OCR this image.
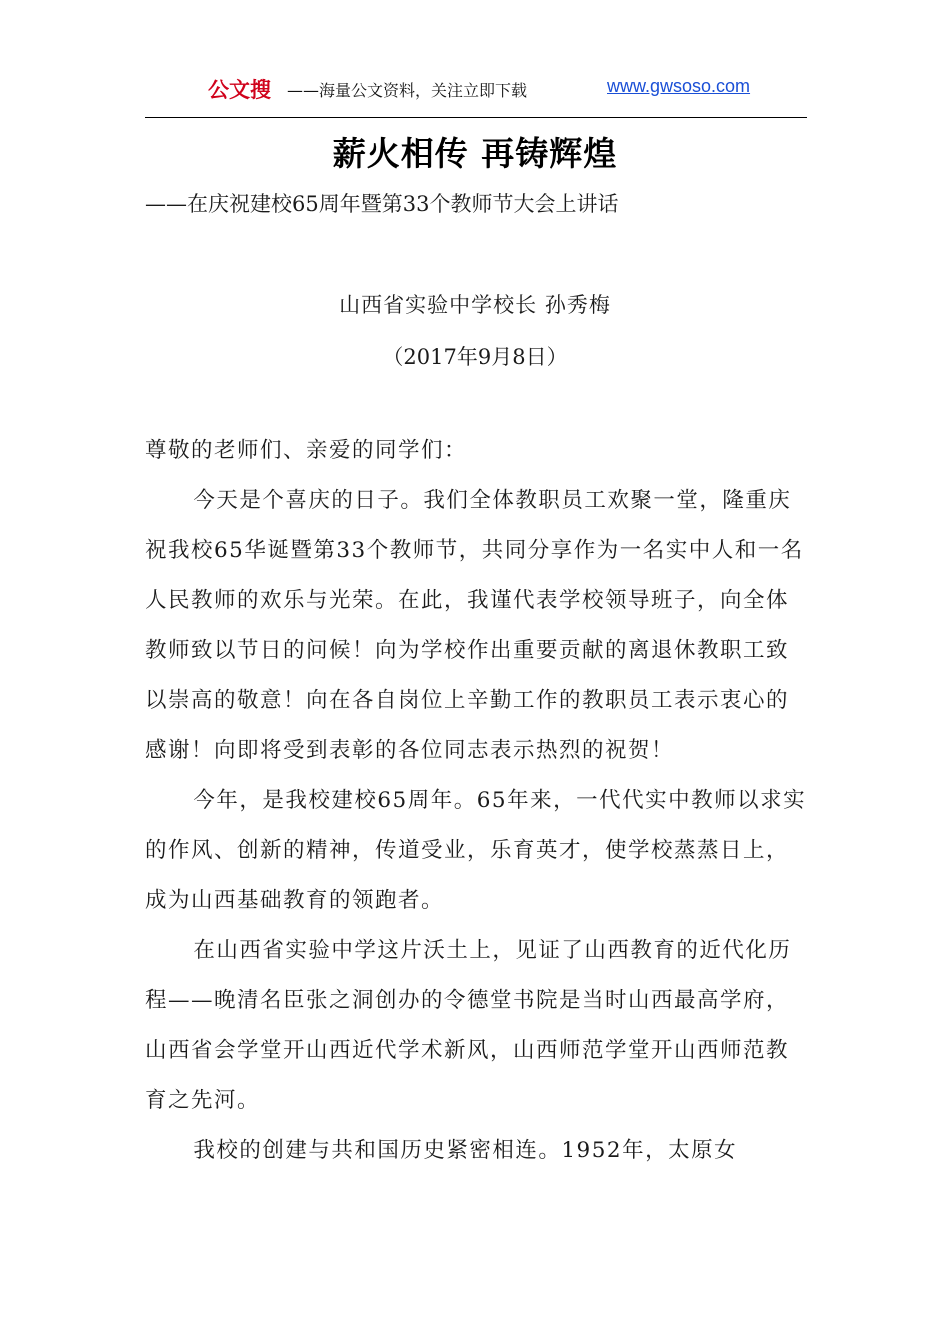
公文搜 ——海量公文资料，关注立即下载	www.gwsoso.com
薪火相传 再铸辉煌
——在庆祝建校65周年暨第33个教师节大会上讲话
山西省实验中学校长 孙秀梅
（2017年9月8日）

尊敬的老师们、亲爱的同学们：

今天是个喜庆的日子。我们全体教职员工欢聚一堂，隆重庆祝我校65华诞暨第33个教师节，共同分享作为一名实中人和一名人民教师的欢乐与光荣。在此，我谨代表学校领导班子，向全体教师致以节日的问候！向为学校作出重要贡献的离退休教职工致以崇高的敬意！向在各自岗位上辛勤工作的教职员工表示衷心的感谢！向即将受到表彰的各位同志表示热烈的祝贺！

今年，是我校建校65周年。65年来，一代代实中教师以求实的作风、创新的精神，传道受业，乐育英才，使学校蒸蒸日上，成为山西基础教育的领跑者。

在山西省实验中学这片沃土上，见证了山西教育的近代化历程——晚清名臣张之洞创办的令德堂书院是当时山西最高学府，山西省会学堂开山西近代学术新风，山西师范学堂开山西师范教育之先河。

我校的创建与共和国历史紧密相连。1952年，太原女
